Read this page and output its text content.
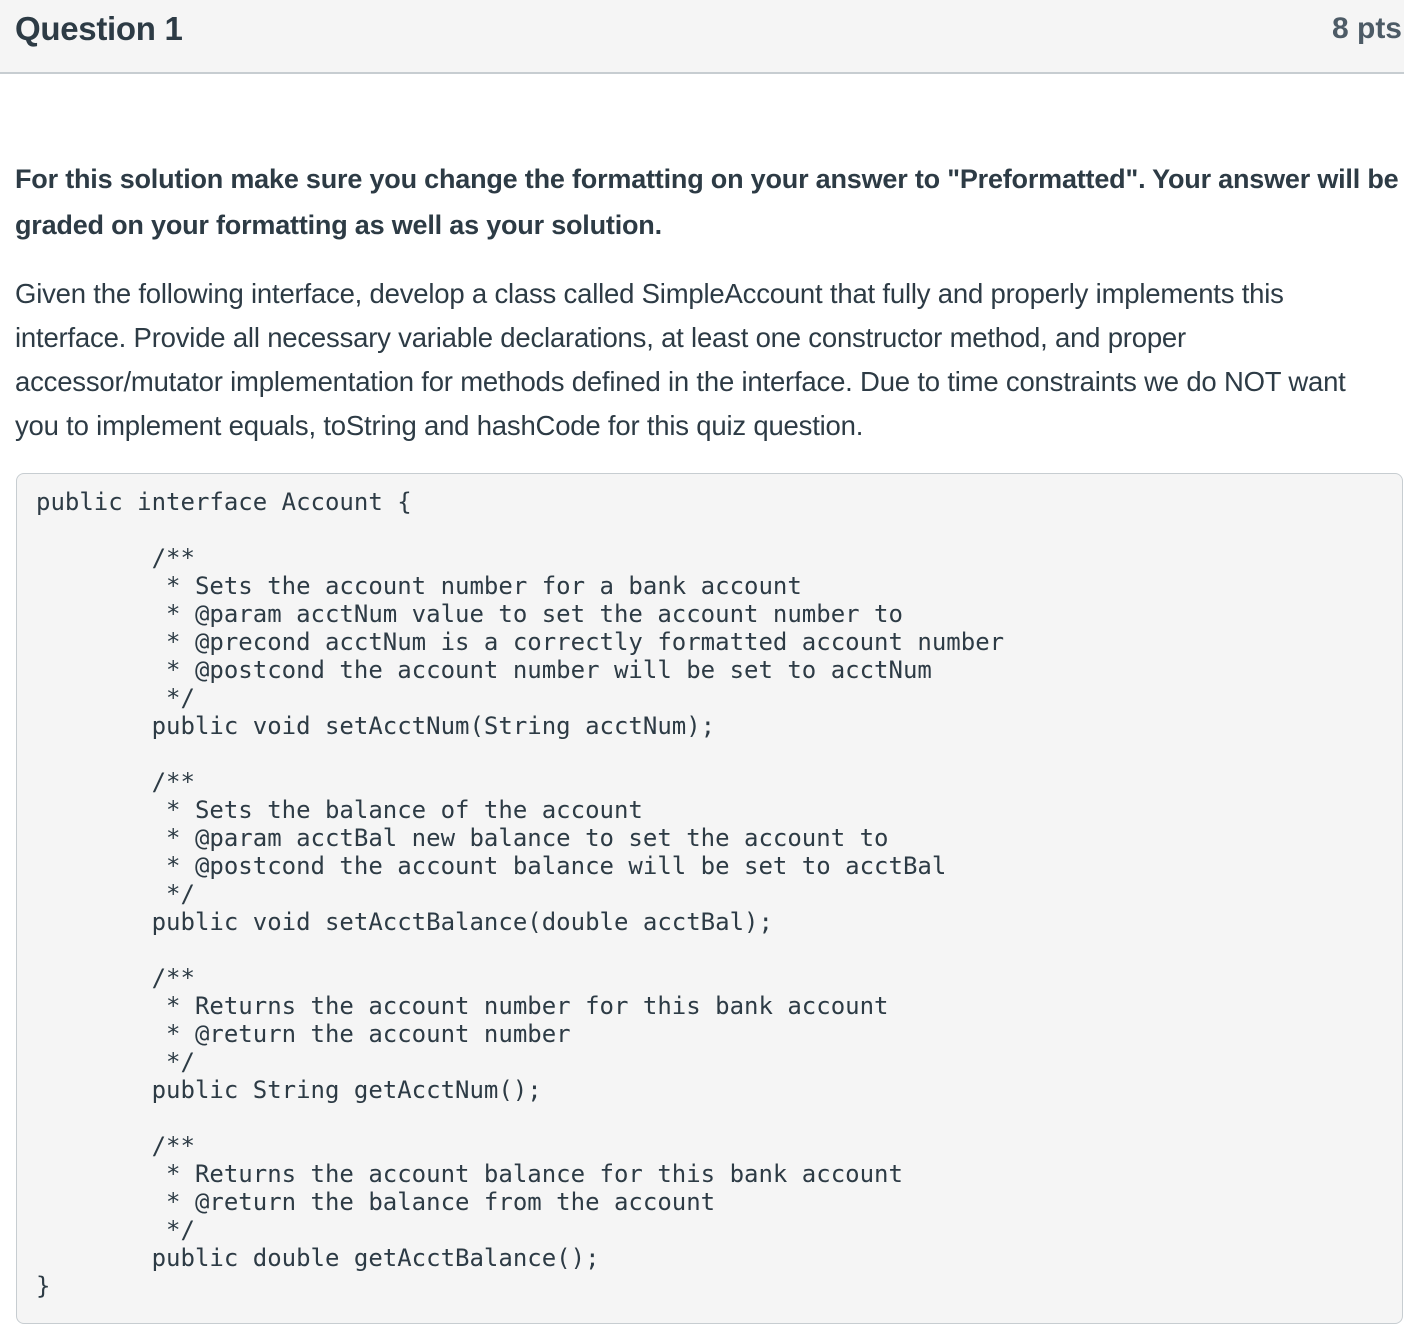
Question 1	8 pts

For this solution make sure you change the formatting on your answer to "Preformatted". Your answer will be graded on your formatting as well as your solution.

Given the following interface, develop a class called SimpleAccount that fully and properly implements this interface. Provide all necessary variable declarations, at least one constructor method, and proper accessor/mutator implementation for methods defined in the interface. Due to time constraints we do NOT want you to implement equals, toString and hashCode for this quiz question.

public interface Account {

/**
* Sets the account number for a bank account
* @param acctNum value to set the account number to
* @precond acctNum is a correctly formatted account number
* @postcond the account number will be set to acctNum
*/
public void setAcctNum(String acctNum);

/**
* Sets the balance of the account
* @param acctBal new balance to set the account to
* @postcond the account balance will be set to acctBal
*/
public void setAcctBalance(double acctBal);

/**
* Returns the account number for this bank account
* @return the account number
*/
public String getAcctNum();

/**
* Returns the account balance for this bank account
* @return the balance from the account
*/
public double getAcctBalance();
}
